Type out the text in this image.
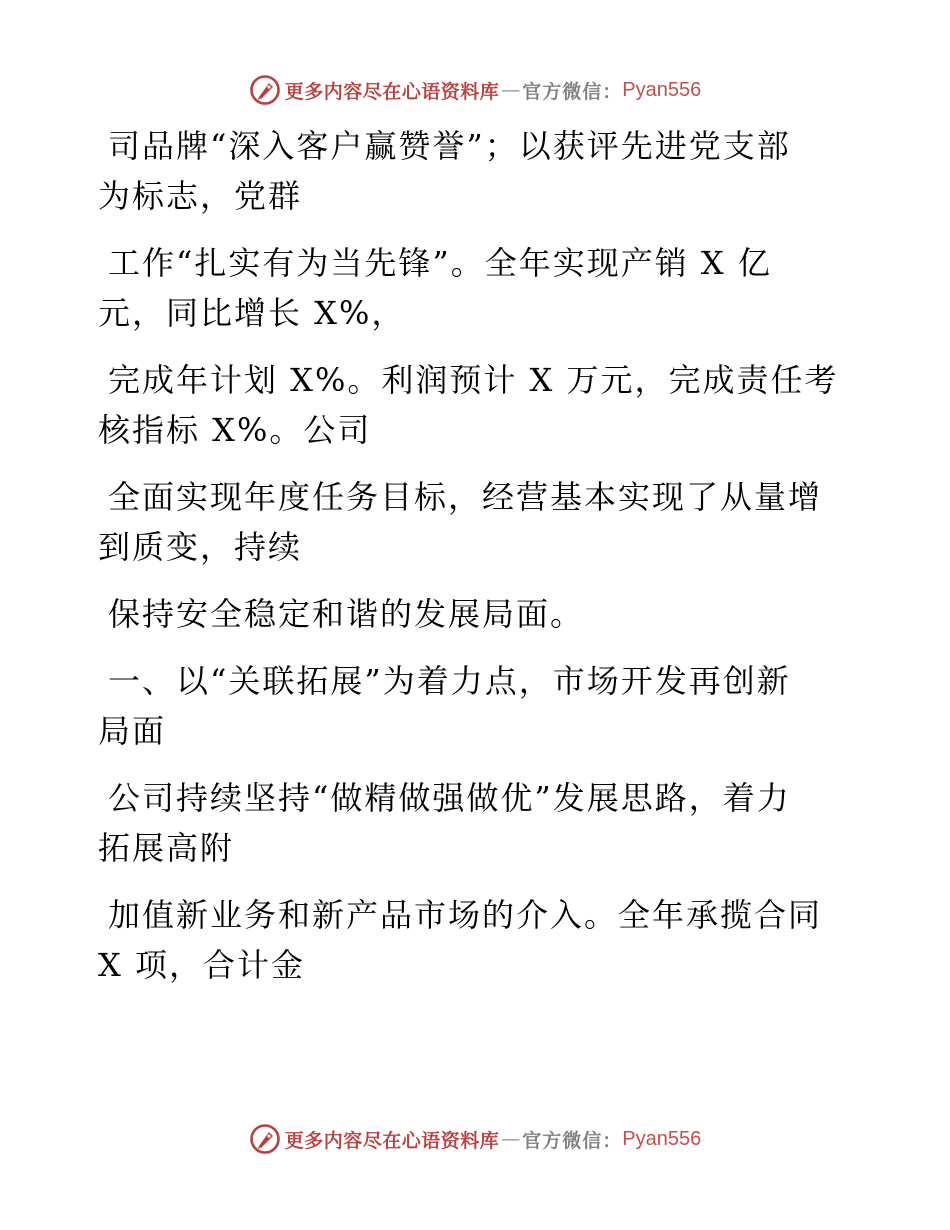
更多内容尽在心语资料库 — 官方微信： Pyan556
司品牌“深入客户赢赞誉”；以获评先进党支部
为标志，党群
工作“扎实有为当先锋”。全年实现产销 X 亿
元，同比增长 X%，
完成年计划 X%。利润预计 X 万元，完成责任考
核指标 X%。公司
全面实现年度任务目标，经营基本实现了从量增
到质变，持续
保持安全稳定和谐的发展局面。
一、以“关联拓展”为着力点，市场开发再创新
局面
公司持续坚持“做精做强做优”发展思路，着力
拓展高附
加值新业务和新产品市场的介入。全年承揽合同
X 项，合计金
更多内容尽在心语资料库 — 官方微信： Pyan556
